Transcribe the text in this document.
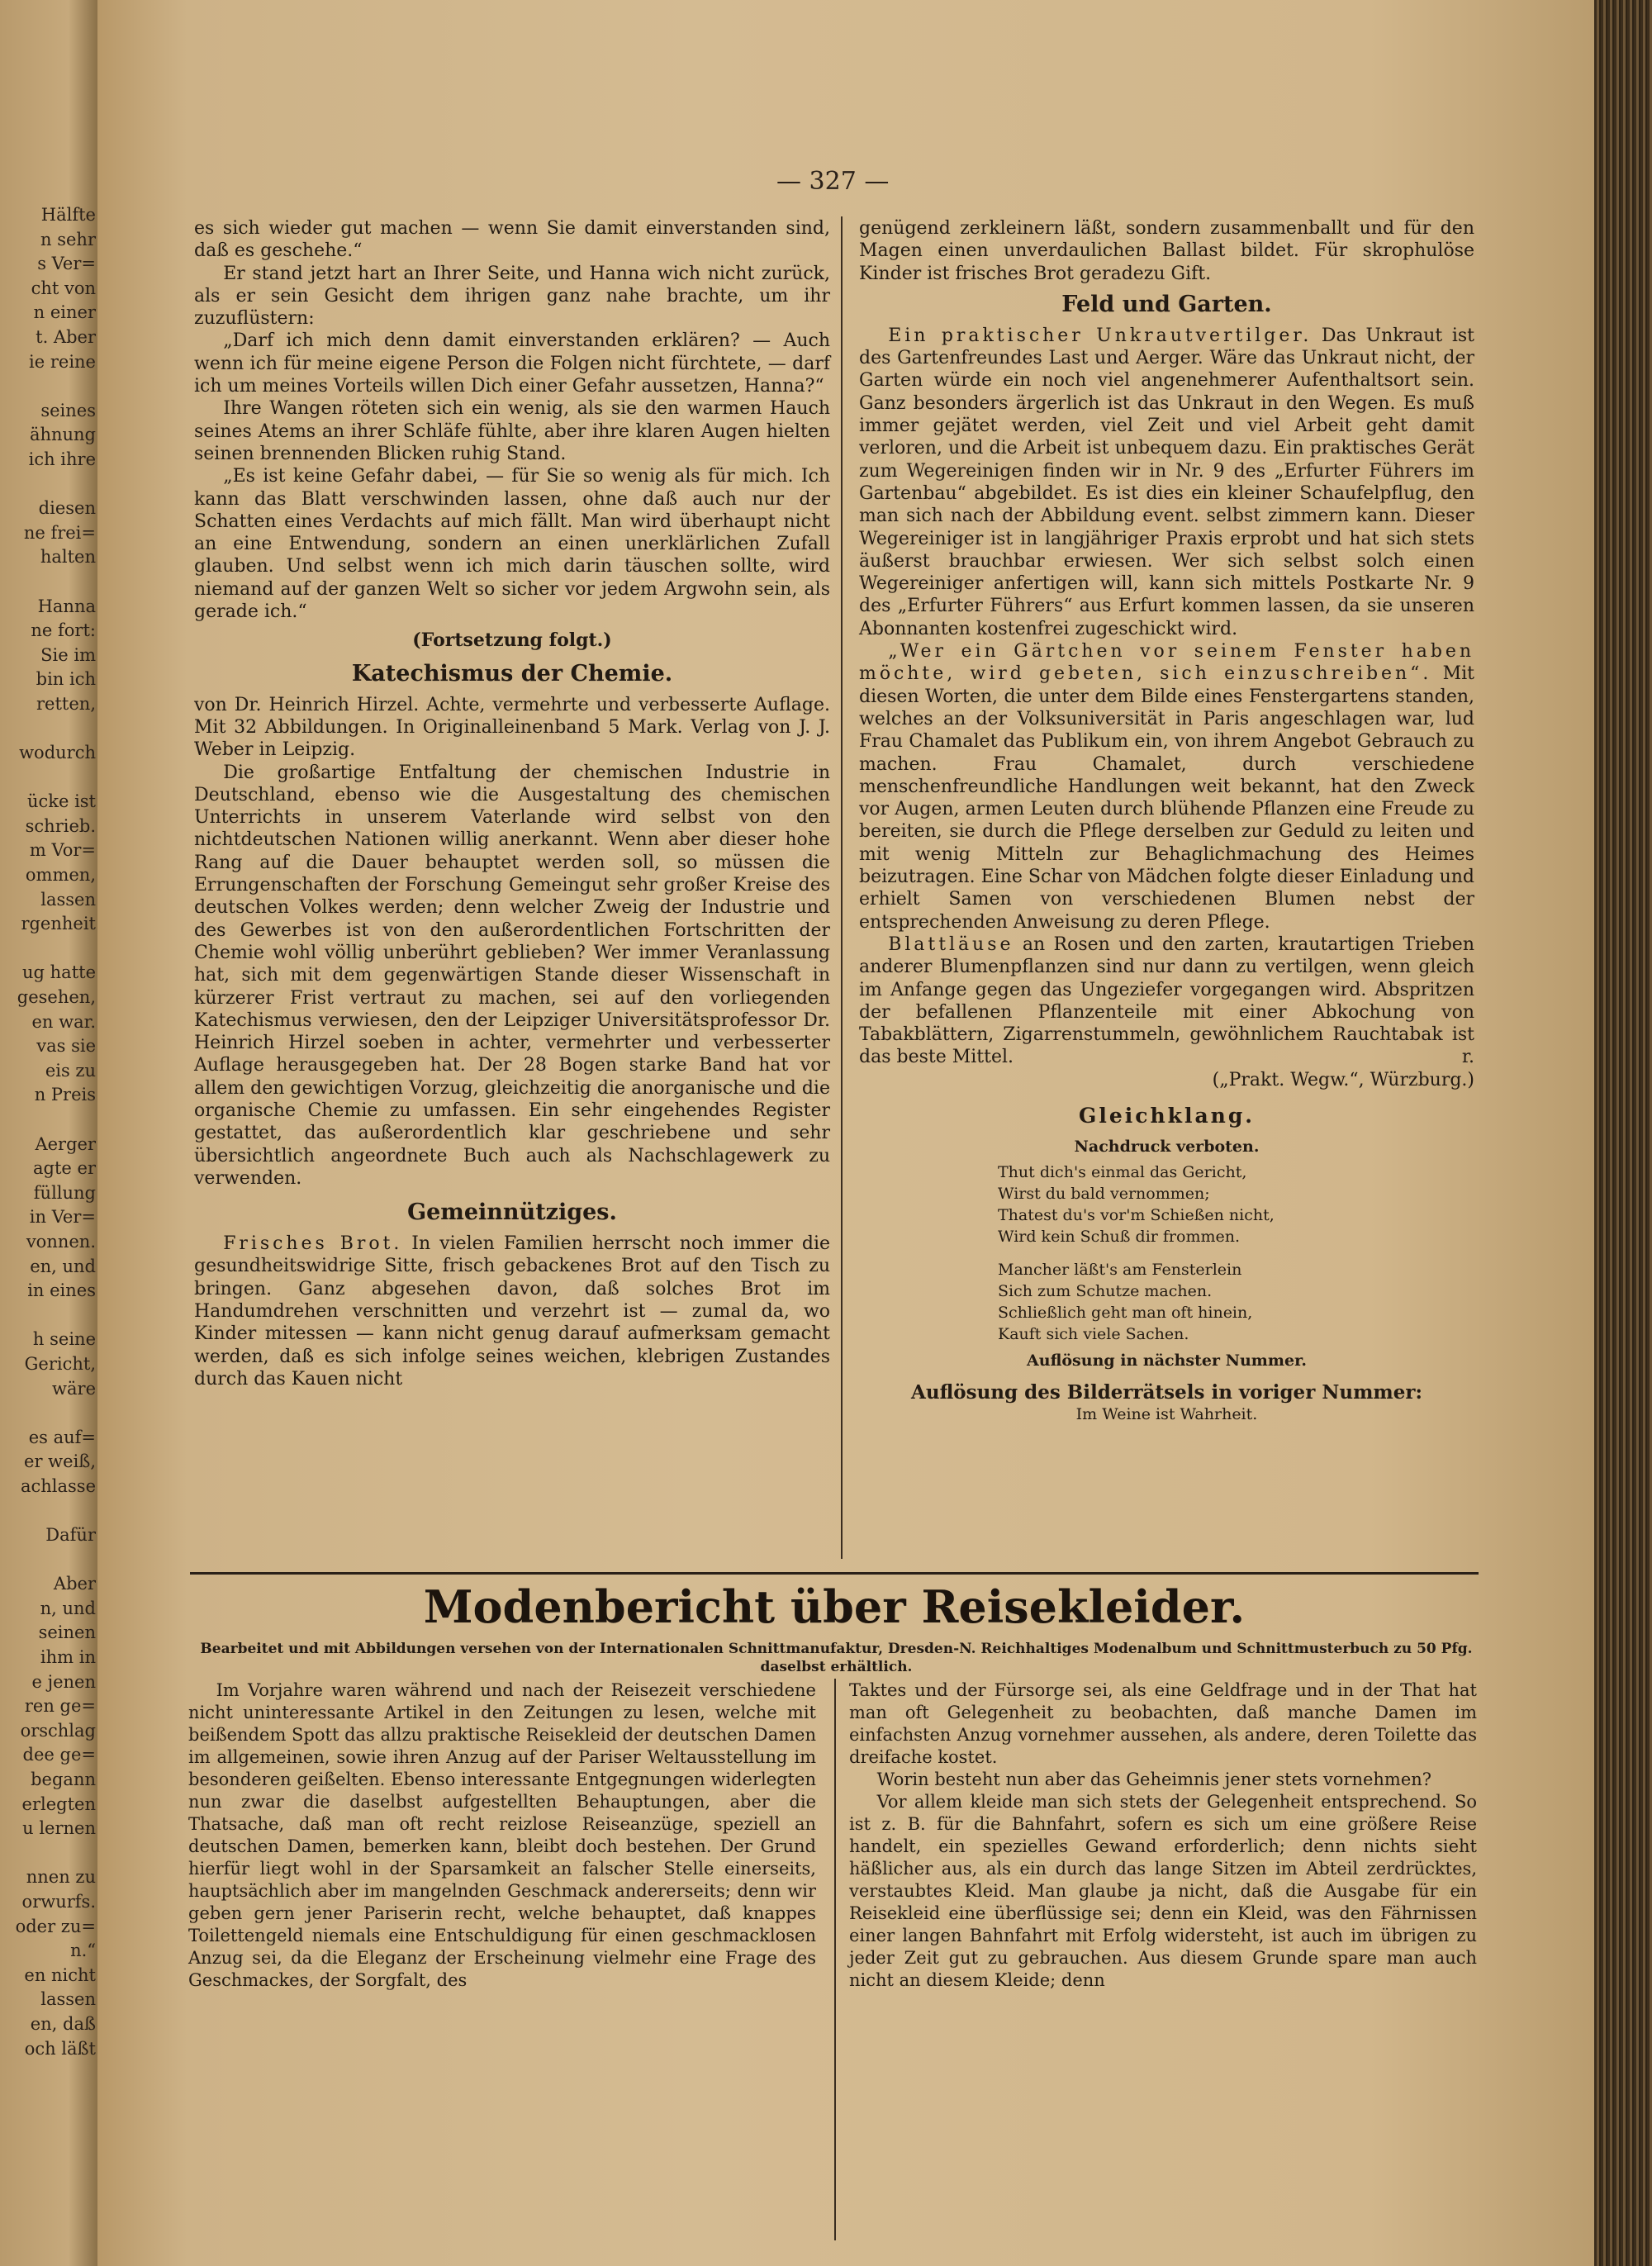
Hälfte
n sehr
s Ver=
cht von
n einer
t. Aber
ie reine

seines
ähnung
ich ihre

diesen
ne frei=
halten

Hanna
ne fort:
Sie im
bin ich
retten,

wodurch

ücke ist
schrieb.
m Vor=
ommen,
lassen
rgenheit

ug hatte
gesehen,
en war.
vas sie
eis zu
n Preis

Aerger
agte er
füllung
in Ver=
vonnen.
en, und
in eines

h seine
Gericht,
wäre

es auf=
er weiß,
achlasse

Dafür

Aber
n, und
seinen
ihm in
e jenen
ren ge=
orschlag
dee ge=
begann
erlegten
u lernen

nnen zu
orwurfs.
oder zu=
n.“
en nicht
lassen
en, daß
och läßt
— 327 —

es sich wieder gut machen — wenn Sie damit einverstanden sind, daß es geschehe.“

Er stand jetzt hart an Ihrer Seite, und Hanna wich nicht zurück, als er sein Gesicht dem ihrigen ganz nahe brachte, um ihr zuzuflüstern:

„Darf ich mich denn damit einverstanden erklären? — Auch wenn ich für meine eigene Person die Folgen nicht fürchtete, — darf ich um meines Vorteils willen Dich einer Gefahr aussetzen, Hanna?“

Ihre Wangen röteten sich ein wenig, als sie den warmen Hauch seines Atems an ihrer Schläfe fühlte, aber ihre klaren Augen hielten seinen brennenden Blicken ruhig Stand.

„Es ist keine Gefahr dabei, — für Sie so wenig als für mich. Ich kann das Blatt verschwinden lassen, ohne daß auch nur der Schatten eines Verdachts auf mich fällt. Man wird überhaupt nicht an eine Entwendung, sondern an einen unerklärlichen Zufall glauben. Und selbst wenn ich mich darin täuschen sollte, wird niemand auf der ganzen Welt so sicher vor jedem Argwohn sein, als gerade ich.“

(Fortsetzung folgt.)

Katechismus der Chemie.

von Dr. Heinrich Hirzel. Achte, vermehrte und verbesserte Auflage. Mit 32 Abbildungen. In Originalleinenband 5 Mark. Verlag von J. J. Weber in Leipzig.

Die großartige Entfaltung der chemischen Industrie in Deutschland, ebenso wie die Ausgestaltung des chemischen Unterrichts in unserem Vaterlande wird selbst von den nichtdeutschen Nationen willig anerkannt. Wenn aber dieser hohe Rang auf die Dauer behauptet werden soll, so müssen die Errungenschaften der Forschung Gemeingut sehr großer Kreise des deutschen Volkes werden; denn welcher Zweig der Industrie und des Gewerbes ist von den außerordentlichen Fortschritten der Chemie wohl völlig unberührt geblieben? Wer immer Veranlassung hat, sich mit dem gegenwärtigen Stande dieser Wissenschaft in kürzerer Frist vertraut zu machen, sei auf den vorliegenden Katechismus verwiesen, den der Leipziger Universitätsprofessor Dr. Heinrich Hirzel soeben in achter, vermehrter und verbesserter Auflage herausgegeben hat. Der 28 Bogen starke Band hat vor allem den gewichtigen Vorzug, gleichzeitig die anorganische und die organische Chemie zu umfassen. Ein sehr eingehendes Register gestattet, das außerordentlich klar geschriebene und sehr übersichtlich angeordnete Buch auch als Nachschlagewerk zu verwenden.

Gemeinnütziges.

Frisches Brot. In vielen Familien herrscht noch immer die gesundheitswidrige Sitte, frisch gebackenes Brot auf den Tisch zu bringen. Ganz abgesehen davon, daß solches Brot im Handumdrehen verschnitten und verzehrt ist — zumal da, wo Kinder mitessen — kann nicht genug darauf aufmerksam gemacht werden, daß es sich infolge seines weichen, klebrigen Zustandes durch das Kauen nicht

genügend zerkleinern läßt, sondern zusammenballt und für den Magen einen unverdaulichen Ballast bildet. Für skrophulöse Kinder ist frisches Brot geradezu Gift.

Feld und Garten.

Ein praktischer Unkrautvertilger. Das Unkraut ist des Gartenfreundes Last und Aerger. Wäre das Unkraut nicht, der Garten würde ein noch viel angenehmerer Aufenthaltsort sein. Ganz besonders ärgerlich ist das Unkraut in den Wegen. Es muß immer gejätet werden, viel Zeit und viel Arbeit geht damit verloren, und die Arbeit ist unbequem dazu. Ein praktisches Gerät zum Wegereinigen finden wir in Nr. 9 des „Erfurter Führers im Gartenbau“ abgebildet. Es ist dies ein kleiner Schaufelpflug, den man sich nach der Abbildung event. selbst zimmern kann. Dieser Wegereiniger ist in langjähriger Praxis erprobt und hat sich stets äußerst brauchbar erwiesen. Wer sich selbst solch einen Wegereiniger anfertigen will, kann sich mittels Postkarte Nr. 9 des „Erfurter Führers“ aus Erfurt kommen lassen, da sie unseren Abonnanten kostenfrei zugeschickt wird.

„Wer ein Gärtchen vor seinem Fenster haben möchte, wird gebeten, sich einzuschreiben“. Mit diesen Worten, die unter dem Bilde eines Fenstergartens standen, welches an der Volksuniversität in Paris angeschlagen war, lud Frau Chamalet das Publikum ein, von ihrem Angebot Gebrauch zu machen. Frau Chamalet, durch verschiedene menschenfreundliche Handlungen weit bekannt, hat den Zweck vor Augen, armen Leuten durch blühende Pflanzen eine Freude zu bereiten, sie durch die Pflege derselben zur Geduld zu leiten und mit wenig Mitteln zur Behaglichmachung des Heimes beizutragen. Eine Schar von Mädchen folgte dieser Einladung und erhielt Samen von verschiedenen Blumen nebst der entsprechenden Anweisung zu deren Pflege.

Blattläuse an Rosen und den zarten, krautartigen Trieben anderer Blumenpflanzen sind nur dann zu vertilgen, wenn gleich im Anfange gegen das Ungeziefer vorgegangen wird. Abspritzen der befallenen Pflanzenteile mit einer Abkochung von Tabakblättern, Zigarrenstummeln, gewöhnlichem Rauchtabak ist das beste Mittel.	r.

(„Prakt. Wegw.“, Würzburg.)

Gleichklang.

Nachdruck verboten.

Thut dich's einmal das Gericht,
Wirst du bald vernommen;
Thatest du's vor'm Schießen nicht,
Wird kein Schuß dir frommen.
Mancher läßt's am Fensterlein
Sich zum Schutze machen.
Schließlich geht man oft hinein,
Kauft sich viele Sachen.

Auflösung in nächster Nummer.

Auflösung des Bilderrätsels in voriger Nummer:

Im Weine ist Wahrheit.

Modenbericht über Reisekleider.
Bearbeitet und mit Abbildungen versehen von der Internationalen Schnittmanufaktur, Dresden-N. Reichhaltiges Modenalbum und Schnittmusterbuch zu 50 Pfg. daselbst erhältlich.

Im Vorjahre waren während und nach der Reisezeit verschiedene nicht uninteressante Artikel in den Zeitungen zu lesen, welche mit beißendem Spott das allzu praktische Reisekleid der deutschen Damen im allgemeinen, sowie ihren Anzug auf der Pariser Weltausstellung im besonderen geißelten. Ebenso interessante Entgegnungen widerlegten nun zwar die daselbst aufgestellten Behauptungen, aber die Thatsache, daß man oft recht reizlose Reiseanzüge, speziell an deutschen Damen, bemerken kann, bleibt doch bestehen. Der Grund hierfür liegt wohl in der Sparsamkeit an falscher Stelle einerseits, hauptsächlich aber im mangelnden Geschmack andererseits; denn wir geben gern jener Pariserin recht, welche behauptet, daß knappes Toilettengeld niemals eine Entschuldigung für einen geschmacklosen Anzug sei, da die Eleganz der Erscheinung vielmehr eine Frage des Geschmackes, der Sorgfalt, des

Taktes und der Fürsorge sei, als eine Geldfrage und in der That hat man oft Gelegenheit zu beobachten, daß manche Damen im einfachsten Anzug vornehmer aussehen, als andere, deren Toilette das dreifache kostet.

Worin besteht nun aber das Geheimnis jener stets vornehmen?

Vor allem kleide man sich stets der Gelegenheit entsprechend. So ist z. B. für die Bahnfahrt, sofern es sich um eine größere Reise handelt, ein spezielles Gewand erforderlich; denn nichts sieht häßlicher aus, als ein durch das lange Sitzen im Abteil zerdrücktes, verstaubtes Kleid. Man glaube ja nicht, daß die Ausgabe für ein Reisekleid eine überflüssige sei; denn ein Kleid, was den Fährnissen einer langen Bahnfahrt mit Erfolg widersteht, ist auch im übrigen zu jeder Zeit gut zu gebrauchen. Aus diesem Grunde spare man auch nicht an diesem Kleide; denn
